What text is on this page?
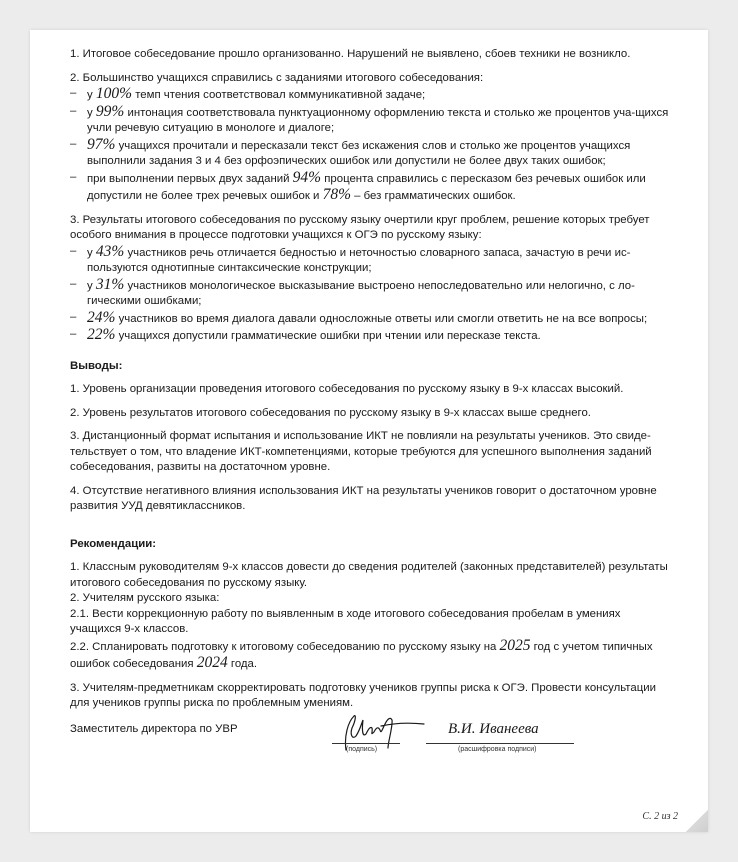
1. Итоговое собеседование прошло организованно. Нарушений не выявлено, сбоев техники не возникло.

2. Большинство учащихся справились с заданиями итогового собеседования:

– у 100% темп чтения соответствовал коммуникативной задаче;

– у 99% интонация соответствовала пунктуационному оформлению текста и столько же процентов уча-щихся учли речевую ситуацию в монологе и диалоге;

– 97% учащихся прочитали и пересказали текст без искажения слов и столько же процентов учащихся выполнили задания 3 и 4 без орфоэпических ошибок или допустили не более двух таких ошибок;

– при выполнении первых двух заданий 94% процента справились с пересказом без речевых ошибок или допустили не более трех речевых ошибок и 78% – без грамматических ошибок.

3. Результаты итогового собеседования по русскому языку очертили круг проблем, решение которых требует особого внимания в процессе подготовки учащихся к ОГЭ по русскому языку:

– у 43% участников речь отличается бедностью и неточностью словарного запаса, зачастую в речи ис-пользуются однотипные синтаксические конструкции;

– у 31% участников монологическое высказывание выстроено непоследовательно или нелогично, с ло-гическими ошибками;

– 24% участников во время диалога давали односложные ответы или смогли ответить не на все вопросы;

– 22% учащихся допустили грамматические ошибки при чтении или пересказе текста.

Выводы:

1. Уровень организации проведения итогового собеседования по русскому языку в 9-х классах высокий.

2. Уровень результатов итогового собеседования по русскому языку в 9-х классах выше среднего.

3. Дистанционный формат испытания и использование ИКТ не повлияли на результаты учеников. Это свиде-тельствует о том, что владение ИКТ-компетенциями, которые требуются для успешного выполнения заданий собеседования, развиты на достаточном уровне.

4. Отсутствие негативного влияния использования ИКТ на результаты учеников говорит о достаточном уровне развития УУД девятиклассников.

Рекомендации:

1. Классным руководителям 9-х классов довести до сведения родителей (законных представителей) результаты итогового собеседования по русскому языку.

2. Учителям русского языка:

2.1. Вести коррекционную работу по выявленным в ходе итогового собеседования пробелам в умениях учащихся 9-х классов.

2.2. Спланировать подготовку к итоговому собеседованию по русскому языку на 2025 год с учетом типичных ошибок собеседования 2024 года.

3. Учителям-предметникам скорректировать подготовку учеников группы риска к ОГЭ. Провести консультации для учеников группы риска по проблемным умениям.

Заместитель директора по УВР	В.И. Иванеева
(подпись)	(расшифровка подписи)
С. 2 из 2
